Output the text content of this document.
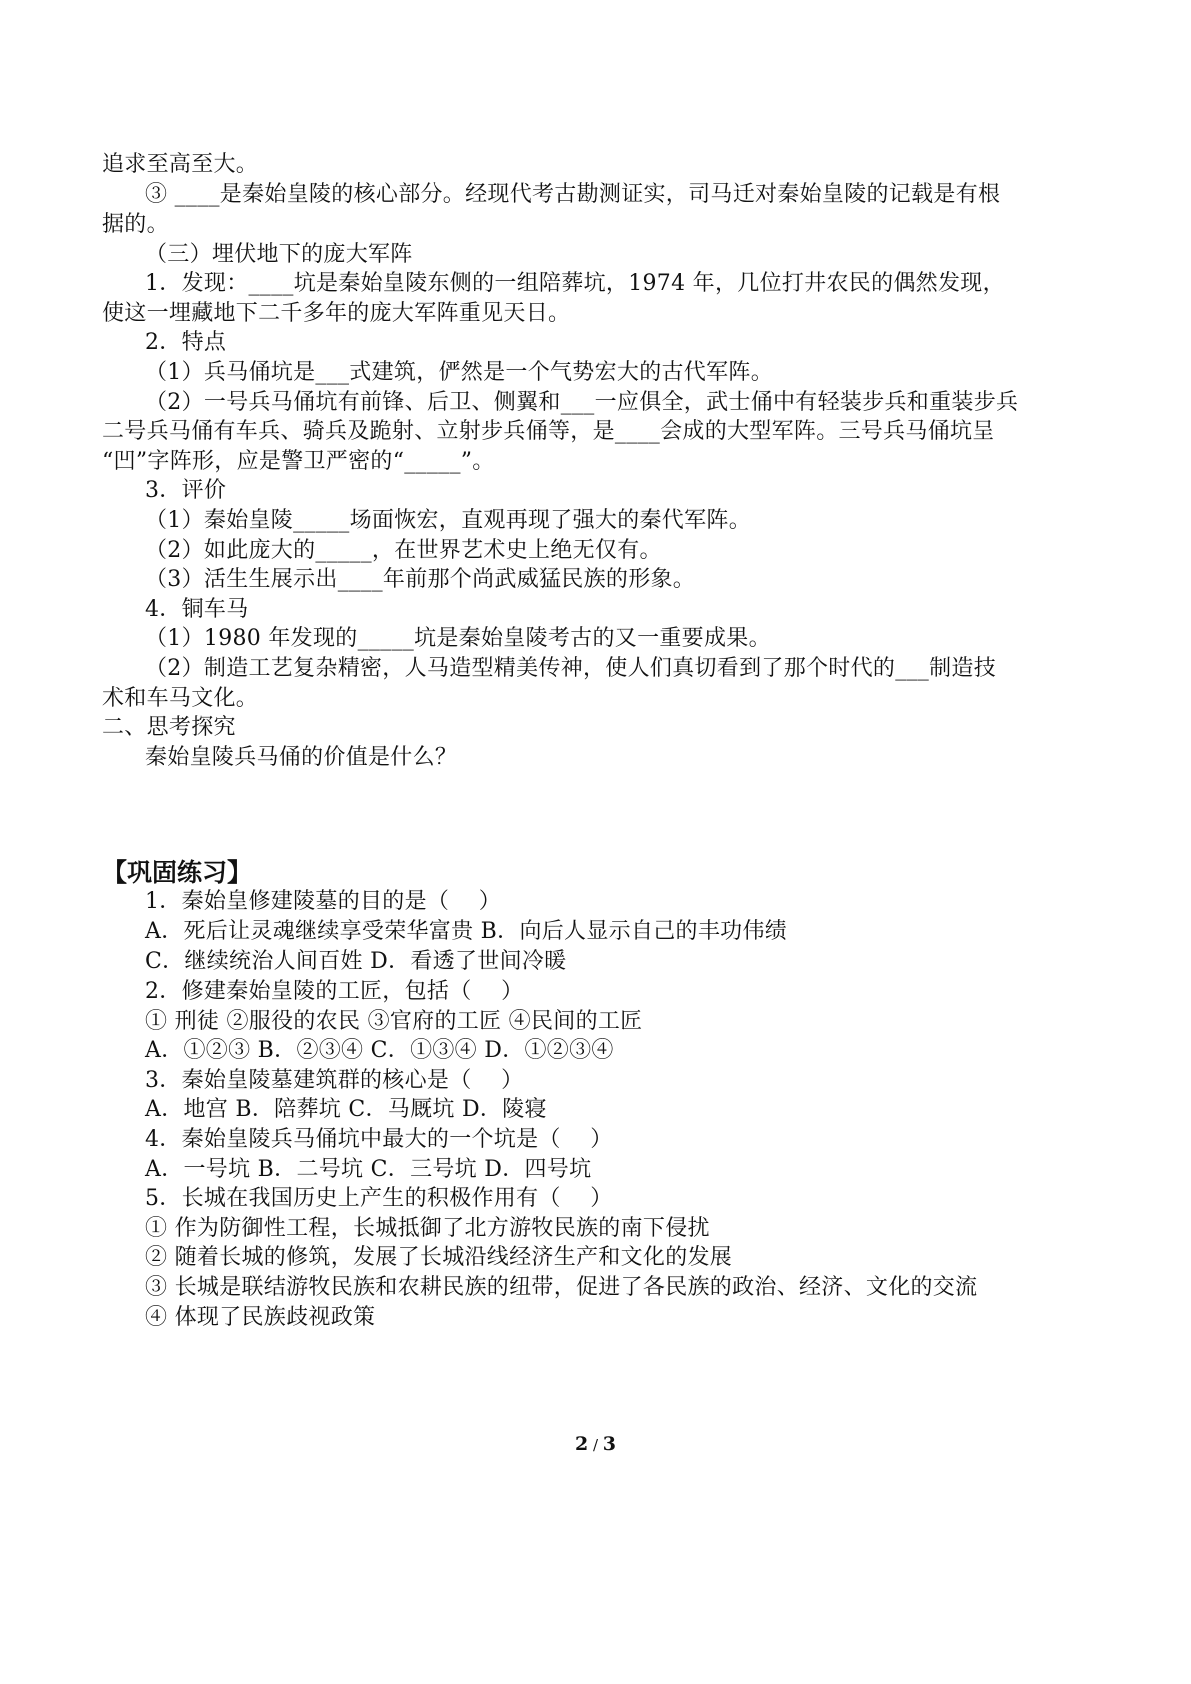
追求至高至大。
③ ____是秦始皇陵的核心部分。经现代考古勘测证实，司马迁对秦始皇陵的记载是有根
据的。
（三）埋伏地下的庞大军阵
1．发现：____坑是秦始皇陵东侧的一组陪葬坑，1974 年，几位打井农民的偶然发现，
使这一埋藏地下二千多年的庞大军阵重见天日。
2．特点
（1）兵马俑坑是___式建筑，俨然是一个气势宏大的古代军阵。
（2）一号兵马俑坑有前锋、后卫、侧翼和___一应俱全，武士俑中有轻装步兵和重装步兵
二号兵马俑有车兵、骑兵及跪射、立射步兵俑等，是____会成的大型军阵。三号兵马俑坑呈
“凹”字阵形，应是警卫严密的“_____”。
3．评价
（1）秦始皇陵_____场面恢宏，直观再现了强大的秦代军阵。
（2）如此庞大的_____，在世界艺术史上绝无仅有。
（3）活生生展示出____年前那个尚武威猛民族的形象。
4．铜车马
（1）1980 年发现的_____坑是秦始皇陵考古的又一重要成果。
（2）制造工艺复杂精密，人马造型精美传神，使人们真切看到了那个时代的___制造技
术和车马文化。
二、思考探究
秦始皇陵兵马俑的价值是什么？
【巩固练习】
1．秦始皇修建陵墓的目的是（　 ）
A．死后让灵魂继续享受荣华富贵 B．向后人显示自己的丰功伟绩
C．继续统治人间百姓 D．看透了世间冷暖
2．修建秦始皇陵的工匠，包括（　 ）
① 刑徒 ②服役的农民 ③官府的工匠 ④民间的工匠
A．①②③ B．②③④ C．①③④ D．①②③④
3．秦始皇陵墓建筑群的核心是（　 ）
A．地宫 B．陪葬坑 C．马厩坑 D．陵寝
4．秦始皇陵兵马俑坑中最大的一个坑是（　 ）
A．一号坑 B．二号坑 C．三号坑 D．四号坑
5．长城在我国历史上产生的积极作用有（　 ）
① 作为防御性工程，长城抵御了北方游牧民族的南下侵扰
② 随着长城的修筑，发展了长城沿线经济生产和文化的发展
③ 长城是联结游牧民族和农耕民族的纽带，促进了各民族的政治、经济、文化的交流
④ 体现了民族歧视政策
2 / 3
